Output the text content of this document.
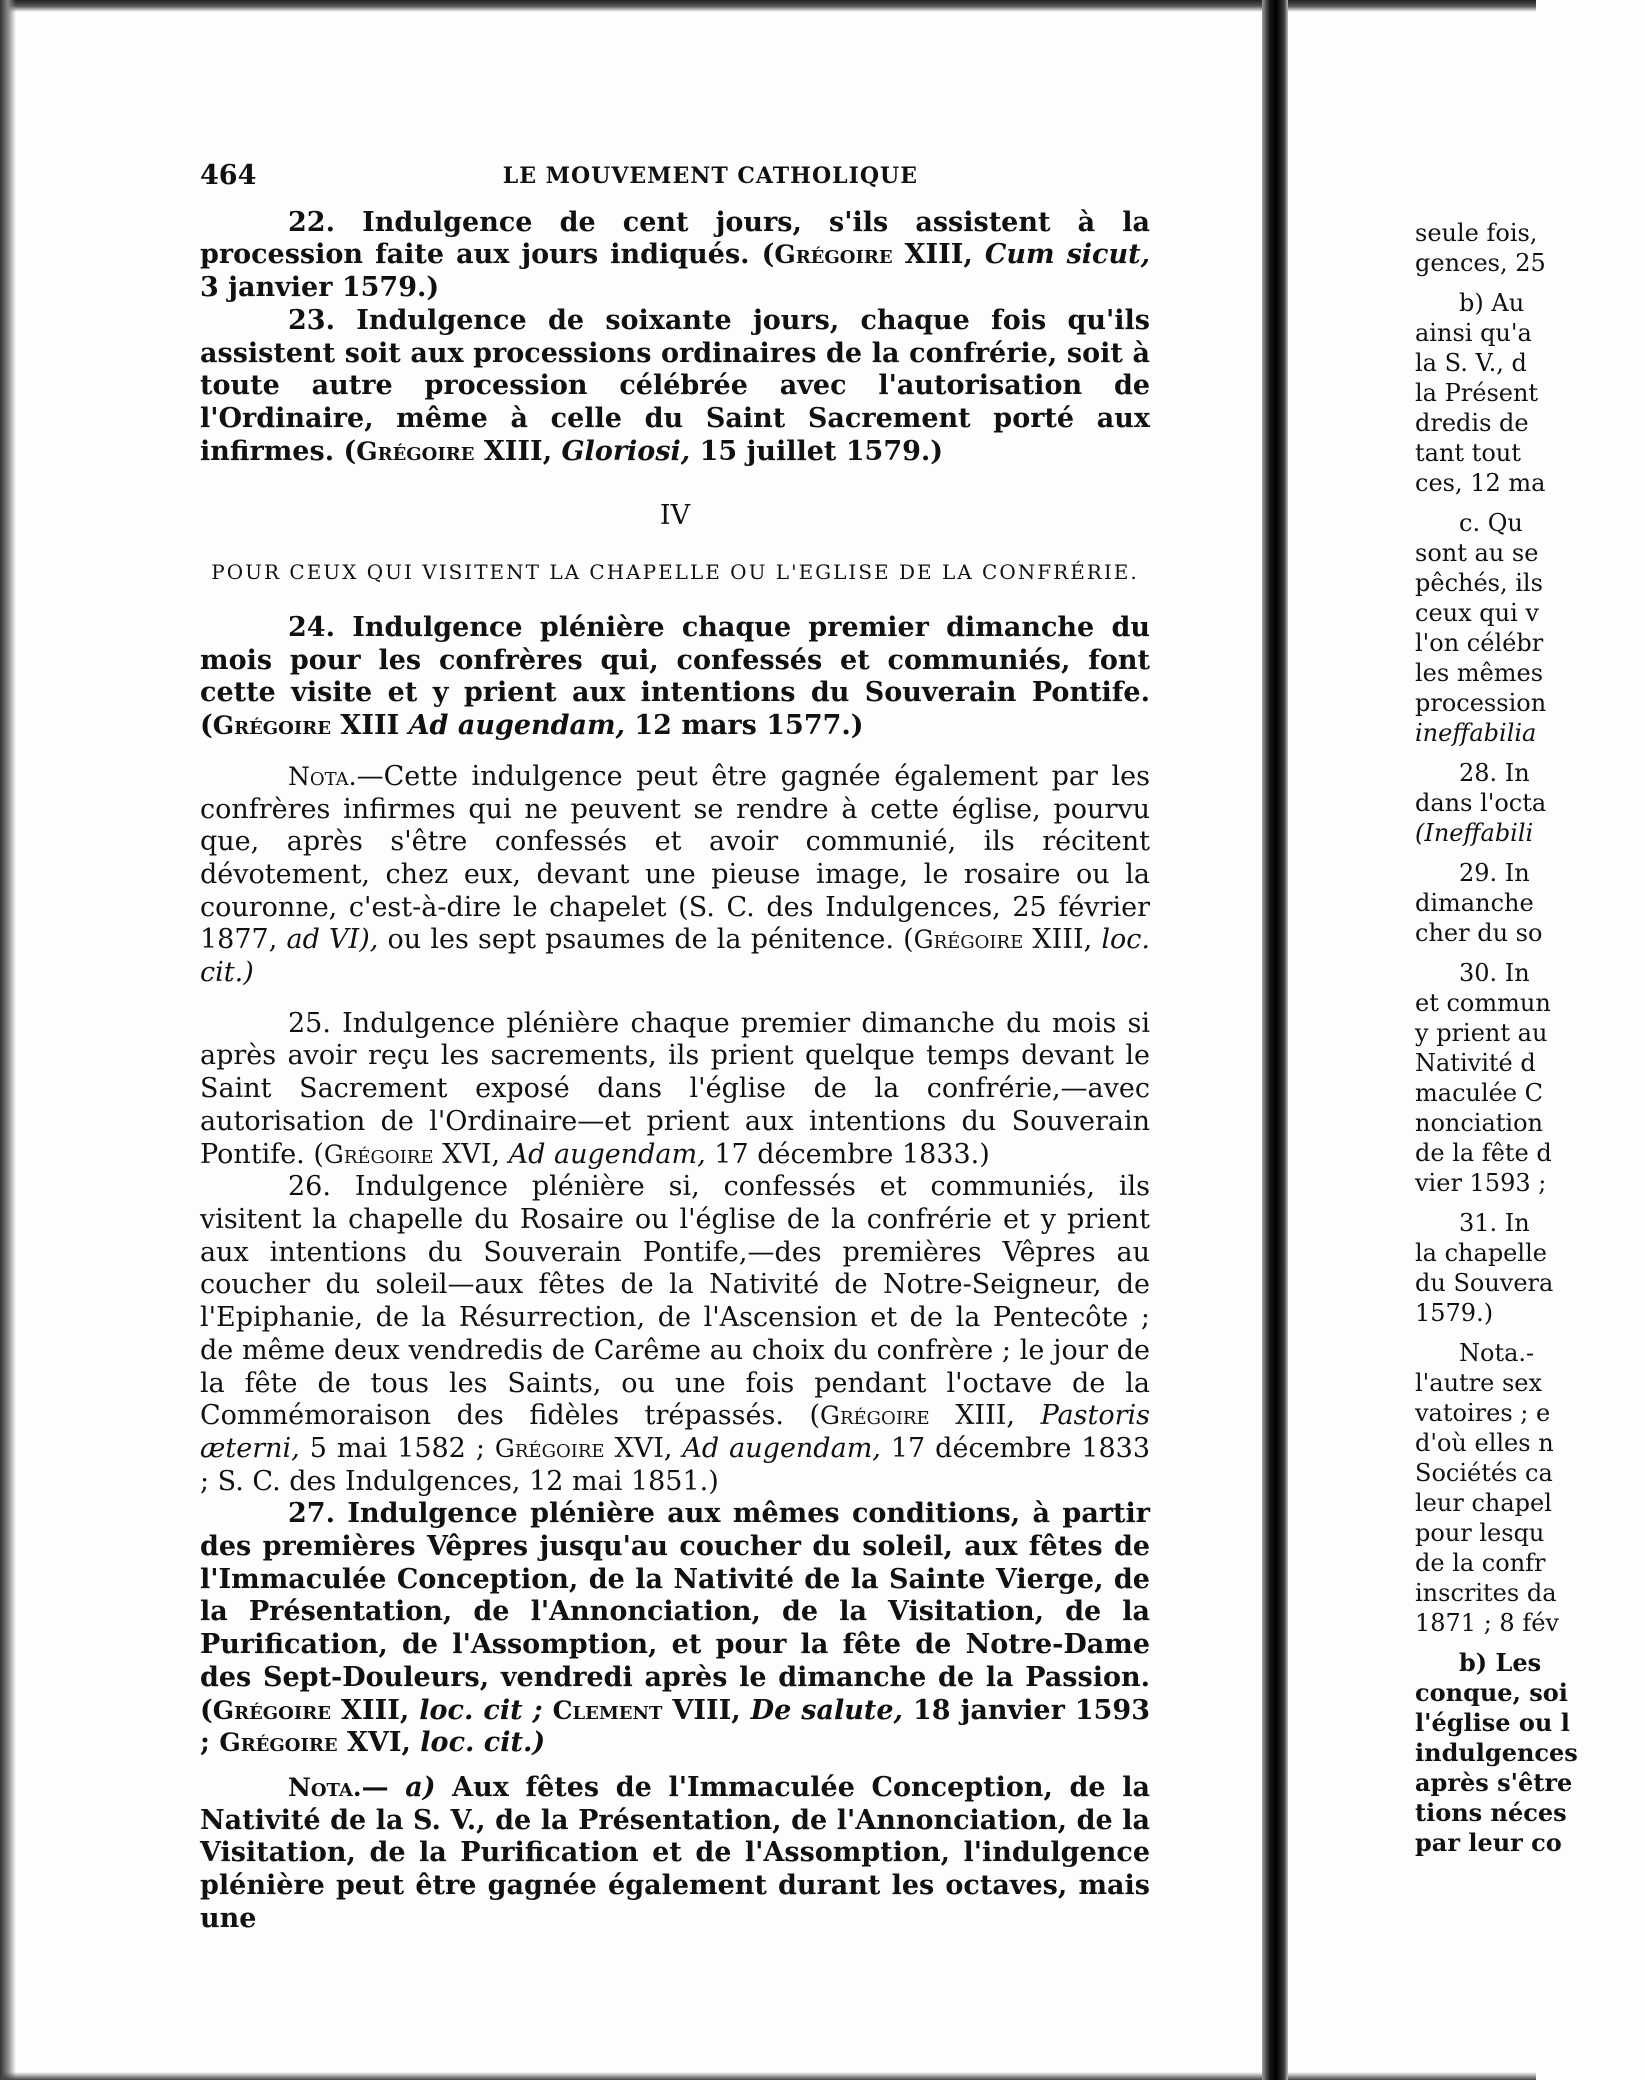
464	LE MOUVEMENT CATHOLIQUE

22. Indulgence de cent jours, s'ils assistent à la procession faite aux jours indiqués. (Grégoire XIII, Cum sicut, 3 janvier 1579.)

23. Indulgence de soixante jours, chaque fois qu'ils assistent soit aux processions ordinaires de la confrérie, soit à toute autre procession célébrée avec l'autorisation de l'Ordinaire, même à celle du Saint Sacrement porté aux infirmes. (Grégoire XIII, Gloriosi, 15 juillet 1579.)

IV
POUR CEUX QUI VISITENT LA CHAPELLE OU L'EGLISE DE LA CONFRÉRIE.

24. Indulgence plénière chaque premier dimanche du mois pour les confrères qui, confessés et communiés, font cette visite et y prient aux intentions du Souverain Pontife. (Grégoire XIII Ad augendam, 12 mars 1577.)

Nota.—Cette indulgence peut être gagnée également par les confrères infirmes qui ne peuvent se rendre à cette église, pourvu que, après s'être confessés et avoir communié, ils récitent dévotement, chez eux, devant une pieuse image, le rosaire ou la couronne, c'est-à-dire le chapelet (S. C. des Indulgences, 25 février 1877, ad VI), ou les sept psaumes de la pénitence. (Grégoire XIII, loc. cit.)

25. Indulgence plénière chaque premier dimanche du mois si après avoir reçu les sacrements, ils prient quelque temps devant le Saint Sacrement exposé dans l'église de la confrérie,—avec autorisation de l'Ordinaire—et prient aux intentions du Souverain Pontife. (Grégoire XVI, Ad augendam, 17 décembre 1833.)

26. Indulgence plénière si, confessés et communiés, ils visitent la chapelle du Rosaire ou l'église de la confrérie et y prient aux intentions du Souverain Pontife,—des premières Vêpres au coucher du soleil—aux fêtes de la Nativité de Notre-Seigneur, de l'Epiphanie, de la Résurrection, de l'Ascension et de la Pentecôte ; de même deux vendredis de Carême au choix du confrère ; le jour de la fête de tous les Saints, ou une fois pendant l'octave de la Commémoraison des fidèles trépassés. (Grégoire XIII, Pastoris æterni, 5 mai 1582 ; Grégoire XVI, Ad augendam, 17 décembre 1833 ; S. C. des Indulgences, 12 mai 1851.)

27. Indulgence plénière aux mêmes conditions, à partir des premières Vêpres jusqu'au coucher du soleil, aux fêtes de l'Immaculée Conception, de la Nativité de la Sainte Vierge, de la Présentation, de l'Annonciation, de la Visitation, de la Purification, de l'Assomption, et pour la fête de Notre-Dame des Sept-Douleurs, vendredi après le dimanche de la Passion. (Grégoire XIII, loc. cit ; Clement VIII, De salute, 18 janvier 1593 ; Grégoire XVI, loc. cit.)

Nota.— a) Aux fêtes de l'Immaculée Conception, de la Nativité de la S. V., de la Présentation, de l'Annonciation, de la Visitation, de la Purification et de l'Assomption, l'indulgence plénière peut être gagnée également durant les octaves, mais une

seule fois,
gences, 25
b) Au
ainsi qu'a
la S. V., d
la Présent
dredis de
tant tout
ces, 12 ma
c. Qu
sont au se
pêchés, ils
ceux qui v
l'on célébr
les mêmes
procession
ineffabilia
28. In
dans l'octa
(Ineffabili
29. In
dimanche
cher du so
30. In
et commun
y prient au
Nativité d
maculée C
nonciation
de la fête d
vier 1593 ;
31. In
la chapelle
du Souvera
1579.)
Nota.-
l'autre sex
vatoires ; e
d'où elles n
Sociétés ca
leur chapel
pour lesqu
de la confr
inscrites da
1871 ; 8 fév
b) Les
conque, soi
l'église ou l
indulgences
après s'être
tions néces
par leur co
